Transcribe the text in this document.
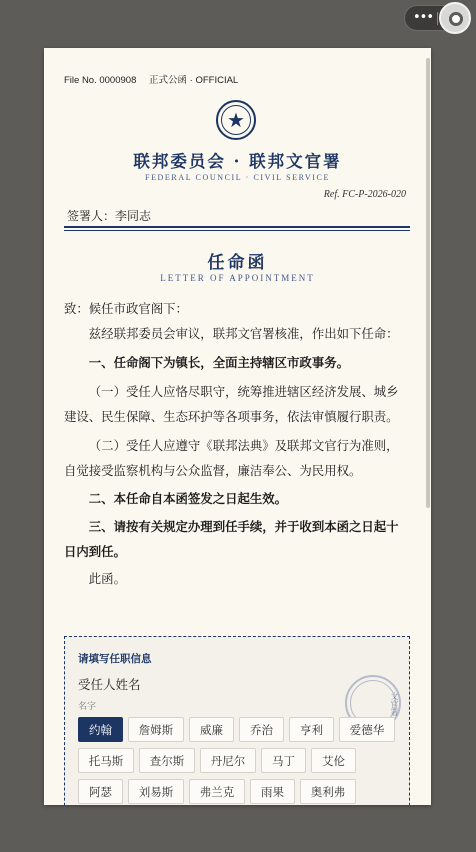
•••
File No. 0000908 正式公函 · OFFICIAL
★
联邦委员会 · 联邦文官署
FEDERAL COUNCIL · CIVIL SERVICE
Ref. FC-P-2026-020
签署人：李同志
任命函
LETTER OF APPOINTMENT

致：候任市政官阁下：

兹经联邦委员会审议，联邦文官署核准，作出如下任命：

一、任命阁下为镇长，全面主持辖区市政事务。

（一）受任人应恪尽职守，统筹推进辖区经济发展、城乡建设、民生保障、生态环护等各项事务，依法审慎履行职责。

（二）受任人应遵守《联邦法典》及联邦文官行为准则，自觉接受监察机构与公众监督，廉洁奉公、为民用权。

二、本任命自本函签发之日起生效。

三、请按有关规定办理到任手续，并于收到本函之日起十日内到任。

此函。

请填写任职信息
受任人姓名
名字	文官署
约翰	詹姆斯	威廉	乔治	亨利	爱德华
托马斯	查尔斯	丹尼尔	马丁	艾伦
阿瑟	刘易斯	弗兰克	雨果	奥利弗
